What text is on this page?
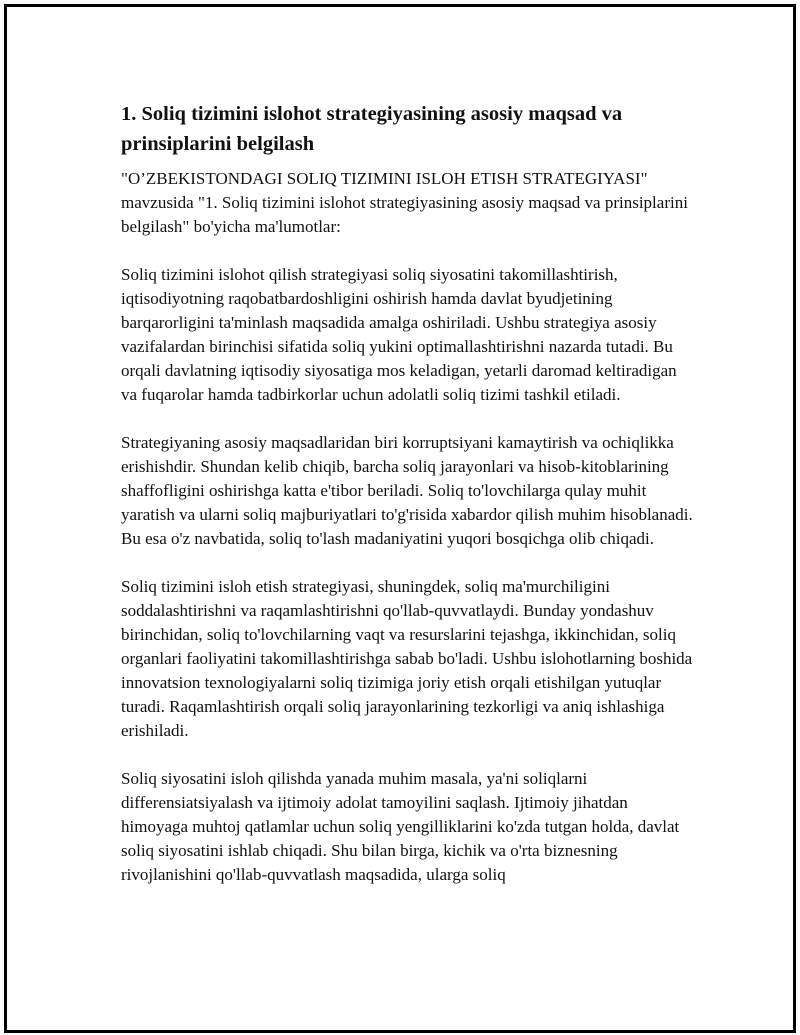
1. Soliq tizimini islohot strategiyasining asosiy maqsad va prinsiplarini belgilash

"O’ZBEKISTONDAGI SOLIQ TIZIMINI ISLOH ETISH STRATEGIYASI" mavzusida "1. Soliq tizimini islohot strategiyasining asosiy maqsad va prinsiplarini belgilash" bo'yicha ma'lumotlar:

Soliq tizimini islohot qilish strategiyasi soliq siyosatini takomillashtirish, iqtisodiyotning raqobatbardoshligini oshirish hamda davlat byudjetining barqarorligini ta'minlash maqsadida amalga oshiriladi. Ushbu strategiya asosiy vazifalardan birinchisi sifatida soliq yukini optimallashtirishni nazarda tutadi. Bu orqali davlatning iqtisodiy siyosatiga mos keladigan, yetarli daromad keltiradigan va fuqarolar hamda tadbirkorlar uchun adolatli soliq tizimi tashkil etiladi.

Strategiyaning asosiy maqsadlaridan biri korruptsiyani kamaytirish va ochiqlikka erishishdir. Shundan kelib chiqib, barcha soliq jarayonlari va hisob-kitoblarining shaffofligini oshirishga katta e'tibor beriladi. Soliq to'lovchilarga qulay muhit yaratish va ularni soliq majburiyatlari to'g'risida xabardor qilish muhim hisoblanadi. Bu esa o'z navbatida, soliq to'lash madaniyatini yuqori bosqichga olib chiqadi.

Soliq tizimini isloh etish strategiyasi, shuningdek, soliq ma'murchiligini soddalashtirishni va raqamlashtirishni qo'llab-quvvatlaydi. Bunday yondashuv birinchidan, soliq to'lovchilarning vaqt va resurslarini tejashga, ikkinchidan, soliq organlari faoliyatini takomillashtirishga sabab bo'ladi. Ushbu islohotlarning boshida innovatsion texnologiyalarni soliq tizimiga joriy etish orqali etishilgan yutuqlar turadi. Raqamlashtirish orqali soliq jarayonlarining tezkorligi va aniq ishlashiga erishiladi.

Soliq siyosatini isloh qilishda yanada muhim masala, ya'ni soliqlarni differensiatsiyalash va ijtimoiy adolat tamoyilini saqlash. Ijtimoiy jihatdan himoyaga muhtoj qatlamlar uchun soliq yengilliklarini ko'zda tutgan holda, davlat soliq siyosatini ishlab chiqadi. Shu bilan birga, kichik va o'rta biznesning rivojlanishini qo'llab-quvvatlash maqsadida, ularga soliq
